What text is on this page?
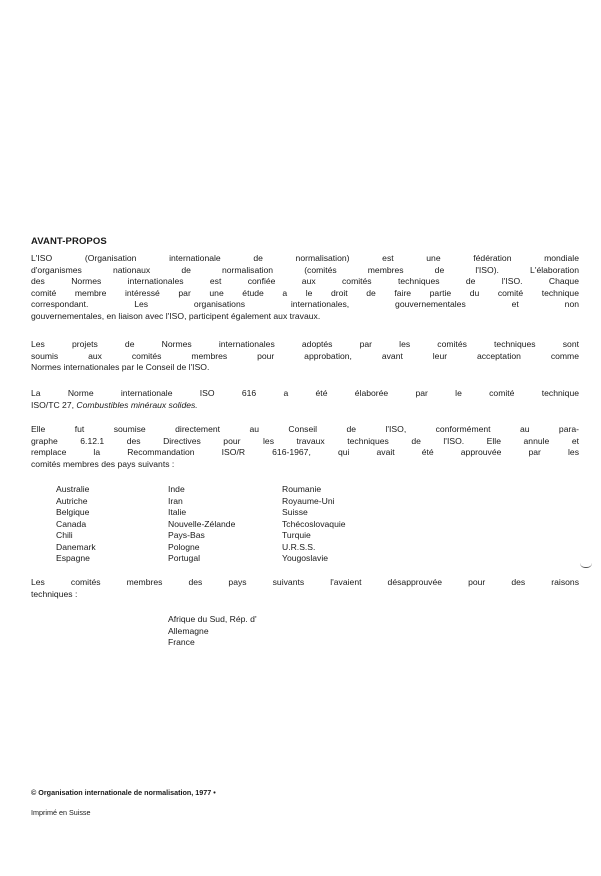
AVANT-PROPOS
L'ISO (Organisation internationale de normalisation) est une fédération mondiale
d'organismes nationaux de normalisation (comités membres de l'ISO). L'élaboration
des Normes internationales est confiée aux comités techniques de l'ISO. Chaque
comité membre intéressé par une étude a le droit de faire partie du comité technique
correspondant. Les organisations internationales, gouvernementales et non
gouvernementales, en liaison avec l'ISO, participent également aux travaux.
Les projets de Normes internationales adoptés par les comités techniques sont
soumis aux comités membres pour approbation, avant leur acceptation comme
Normes internationales par le Conseil de l'ISO.
La Norme internationale ISO 616 a été élaborée par le comité technique
ISO/TC 27, Combustibles minéraux solides.
Elle fut soumise directement au Conseil de l'ISO, conformément au para-
graphe 6.12.1 des Directives pour les travaux techniques de l'ISO. Elle annule et
remplace la Recommandation ISO/R 616-1967, qui avait été approuvée par les
comités membres des pays suivants :
Australie
Autriche
Belgique
Canada
Chili
Danemark
Espagne
Inde
Iran
Italie
Nouvelle-Zélande
Pays-Bas
Pologne
Portugal
Roumanie
Royaume-Uni
Suisse
Tchécoslovaquie
Turquie
U.R.S.S.
Yougoslavie
Les comités membres des pays suivants l'avaient désapprouvée pour des raisons
techniques :
Afrique du Sud, Rép. d'
Allemagne
France
© Organisation internationale de normalisation, 1977 •
Imprimé en Suisse
